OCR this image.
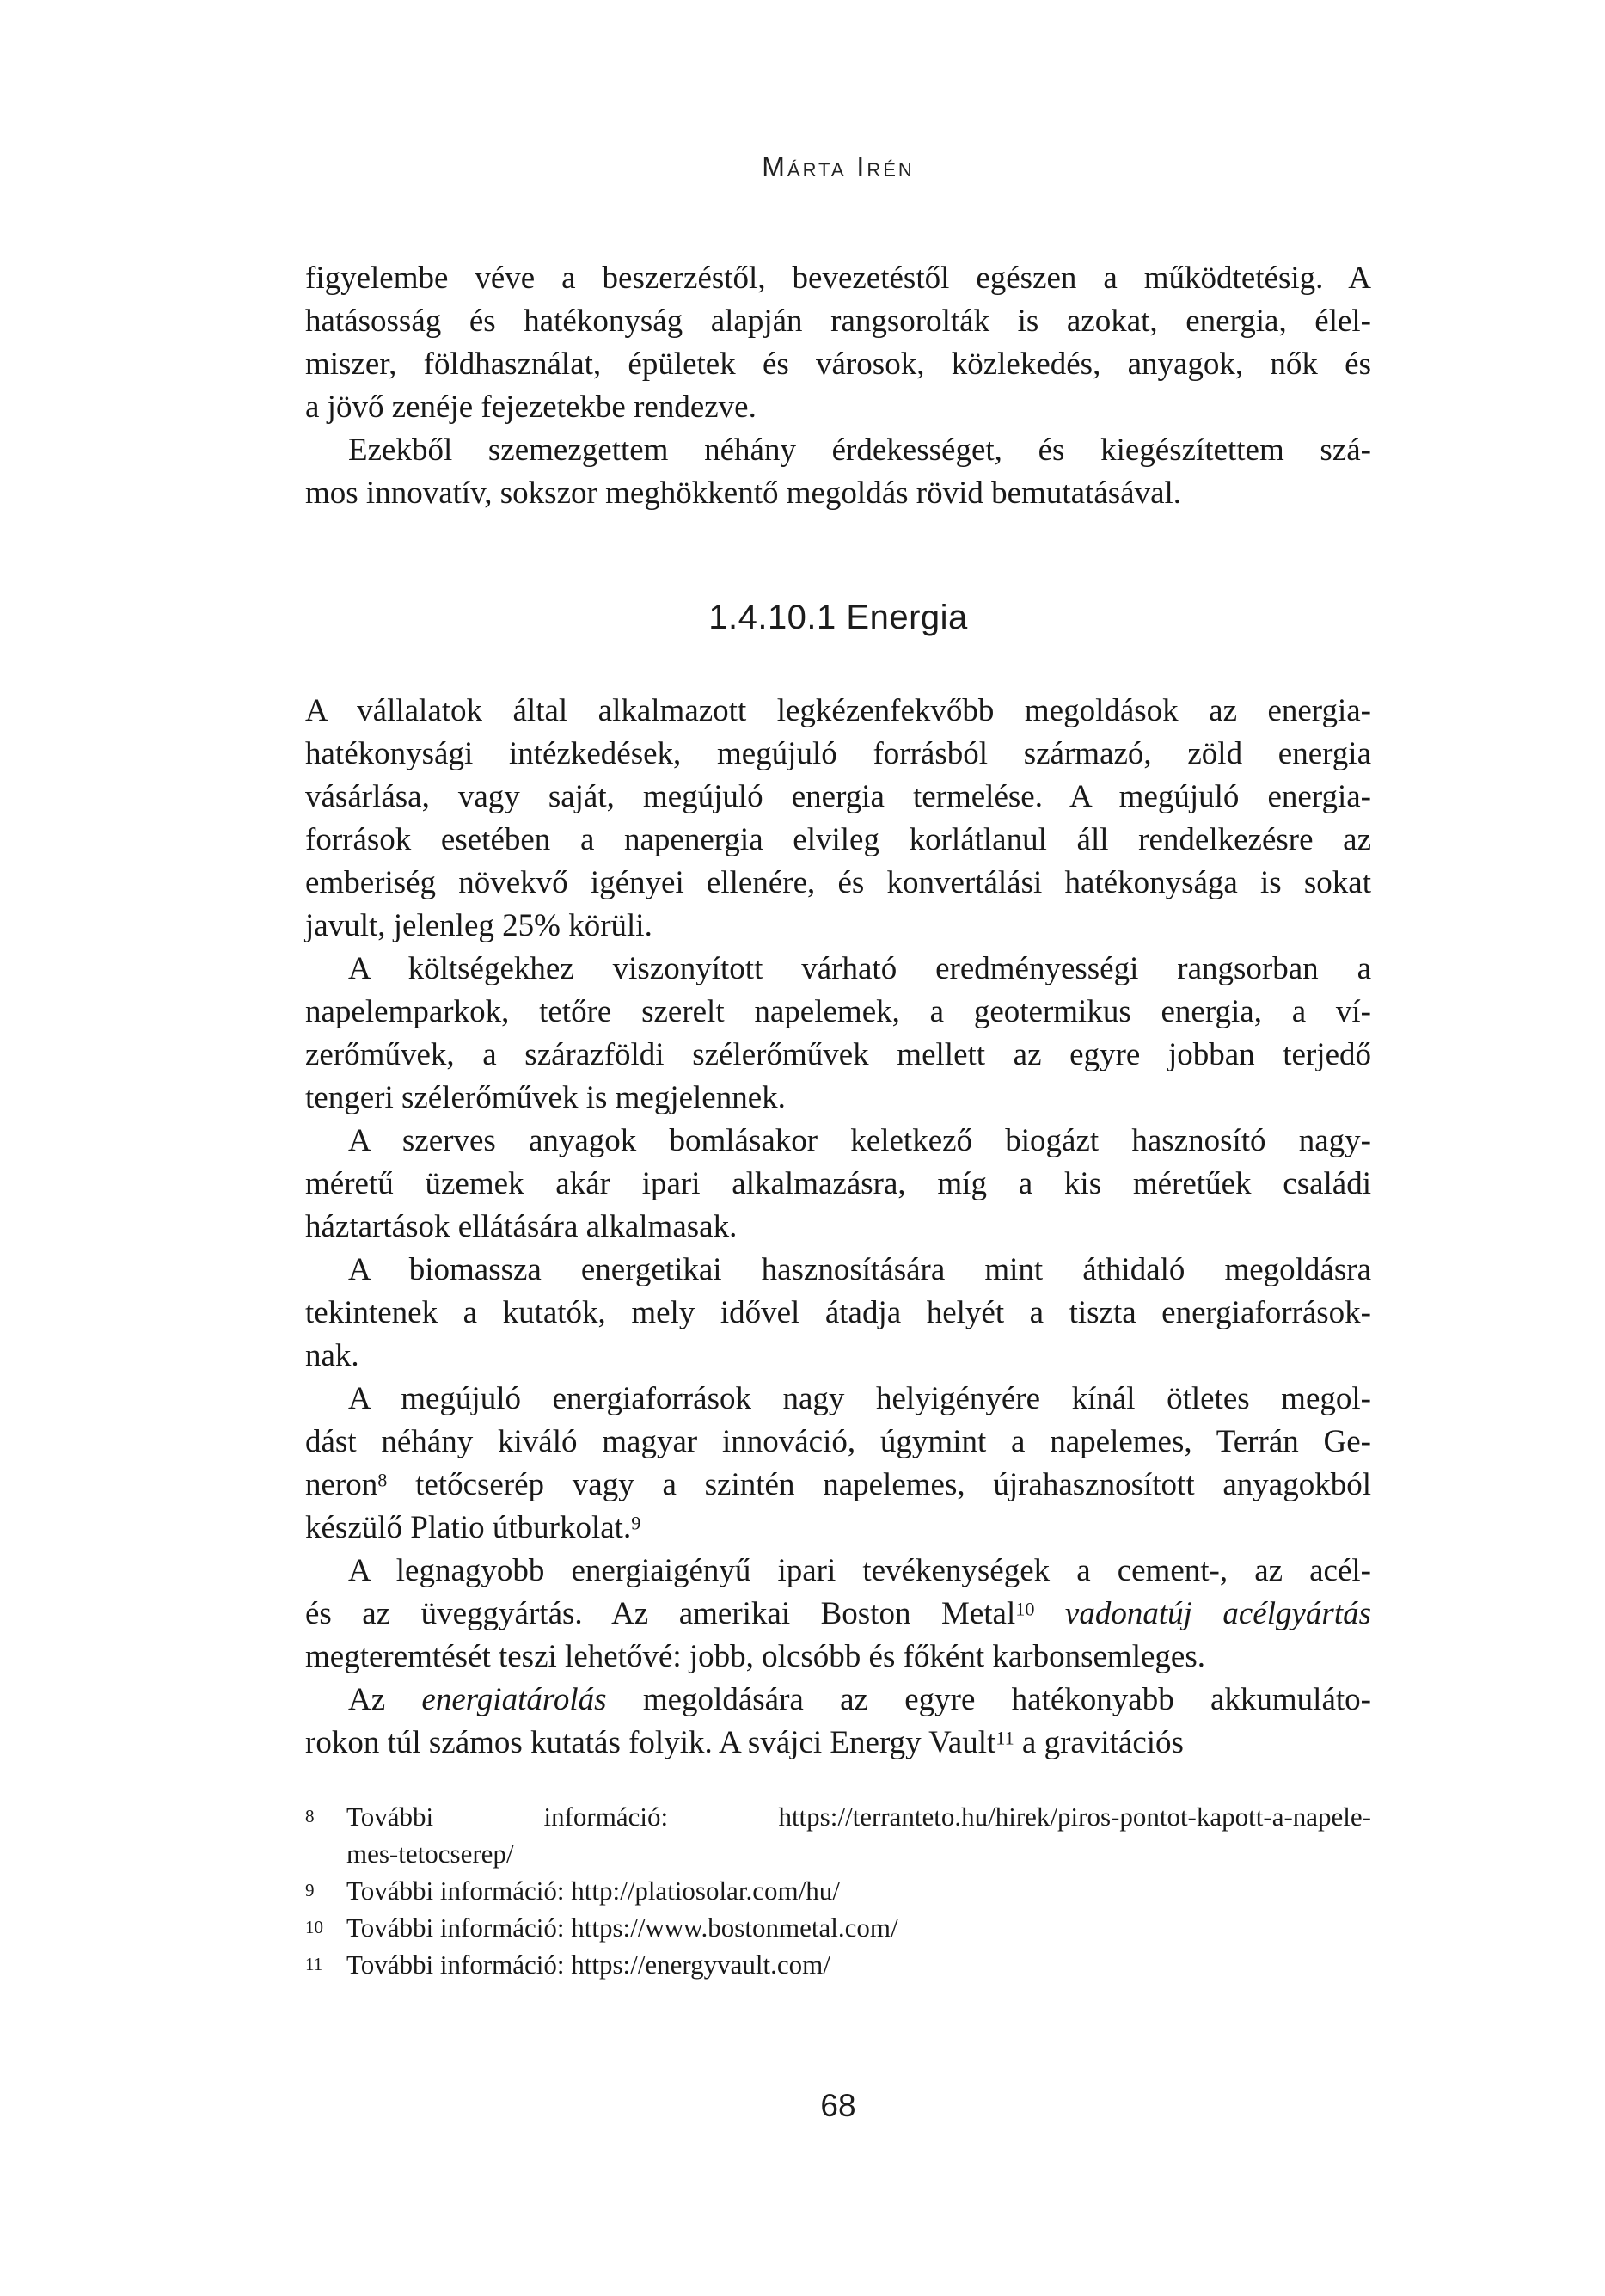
Márta Irén
figyelembe véve a beszerzéstől, bevezetéstől egészen a működtetésig. A
hatásosság és hatékonyság alapján rangsorolták is azokat, energia, élel-
miszer, földhasználat, épületek és városok, közlekedés, anyagok, nők és
a jövő zenéje fejezetekbe rendezve.
Ezekből szemezgettem néhány érdekességet, és kiegészítettem szá-
mos innovatív, sokszor meghökkentő megoldás rövid bemutatásával.
1.4.10.1 Energia
A vállalatok által alkalmazott legkézenfekvőbb megoldások az energia-
hatékonysági intézkedések, megújuló forrásból származó, zöld energia
vásárlása, vagy saját, megújuló energia termelése. A megújuló energia-
források esetében a napenergia elvileg korlátlanul áll rendelkezésre az
emberiség növekvő igényei ellenére, és konvertálási hatékonysága is sokat
javult, jelenleg 25% körüli.
A költségekhez viszonyított várható eredményességi rangsorban a
napelemparkok, tetőre szerelt napelemek, a geotermikus energia, a ví-
zerőművek, a szárazföldi szélerőművek mellett az egyre jobban terjedő
tengeri szélerőművek is megjelennek.
A szerves anyagok bomlásakor keletkező biogázt hasznosító nagy-
méretű üzemek akár ipari alkalmazásra, míg a kis méretűek családi
háztartások ellátására alkalmasak.
A biomassza energetikai hasznosítására mint áthidaló megoldásra
tekintenek a kutatók, mely idővel átadja helyét a tiszta energiaforrások-
nak.
A megújuló energiaforrások nagy helyigényére kínál ötletes megol-
dást néhány kiváló magyar innováció, úgymint a napelemes, Terrán Ge-
neron$^8$ tetőcserép vagy a szintén napelemes, újrahasznosított anyagokból
készülő Platio útburkolat.$^9$
A legnagyobb energiaigényű ipari tevékenységek a cement-, az acél-
és az üveggyártás. Az amerikai Boston Metal$^{10}$ vadonatúj acélgyártás
megteremtését teszi lehetővé: jobb, olcsóbb és főként karbonsemleges.
Az energiatárolás megoldására az egyre hatékonyabb akkumuláto-
rokon túl számos kutatás folyik. A svájci Energy Vault$^{11}$ a gravitációs
8	További információ: https://terranteto.hu/hirek/piros-pontot-kapott-a-napele-
mes-tetocserep/
9	További információ: http://platiosolar.com/hu/
10 További információ: https://www.bostonmetal.com/
11 További információ: https://energyvault.com/
68
